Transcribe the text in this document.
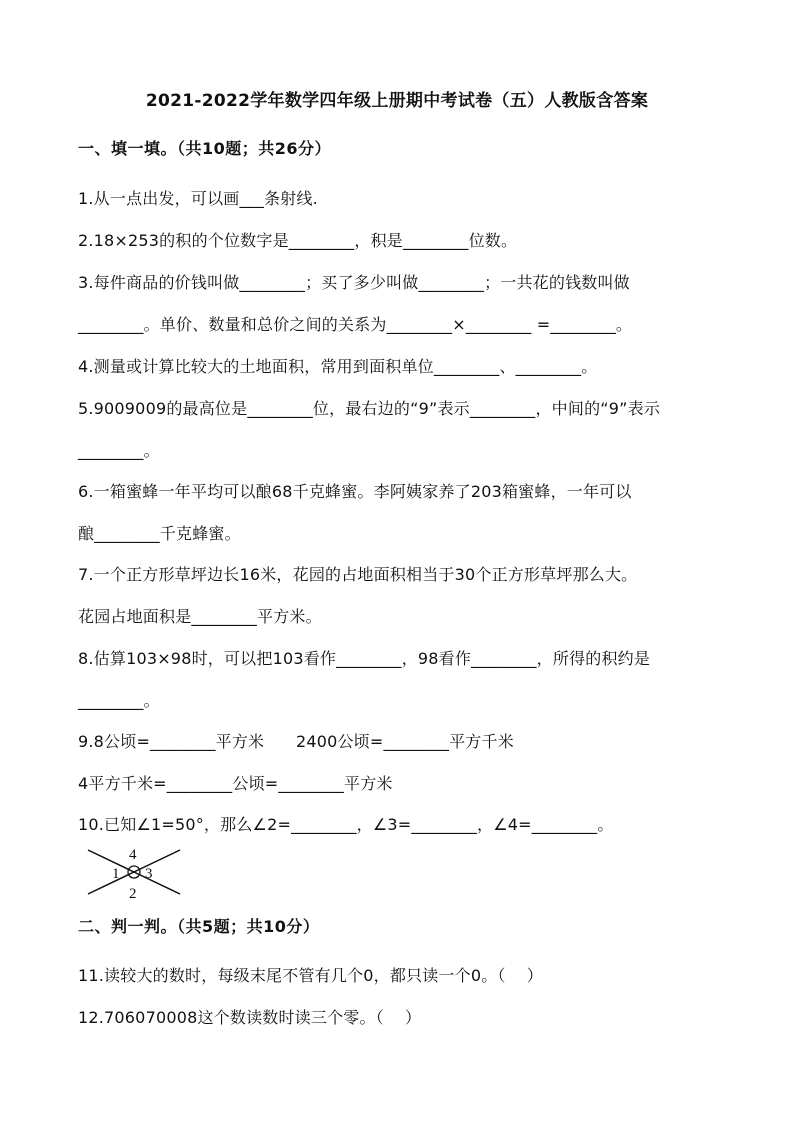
2021-2022学年数学四年级上册期中考试卷（五）人教版含答案
一、填一填。（共10题；共26分）
1.从一点出发，可以画___条射线.
2.18×253的积的个位数字是________，积是________位数。
3.每件商品的价钱叫做________；买了多少叫做________；一共花的钱数叫做
________。单价、数量和总价之间的关系为________×________ =________。
4.测量或计算比较大的土地面积，常用到面积单位________、________。
5.9009009的最高位是________位，最右边的“9”表示________，中间的“9”表示
________。
6.一箱蜜蜂一年平均可以酿68千克蜂蜜。李阿姨家养了203箱蜜蜂，一年可以
酿________千克蜂蜜。
7.一个正方形草坪边长16米，花园的占地面积相当于30个正方形草坪那么大。
花园占地面积是________平方米。
8.估算103×98时，可以把103看作________，98看作________，所得的积约是
________。
9.8公顷=________平方米      2400公顷=________平方千米
4平方千米=________公顷=________平方米
10.已知∠1=50°，那么∠2=________，∠3=________，∠4=________。
1
2
3
4
二、判一判。（共5题；共10分）
11.读较大的数时，每级末尾不管有几个0，都只读一个0。（    ）
12.706070008这个数读数时读三个零。（    ）
